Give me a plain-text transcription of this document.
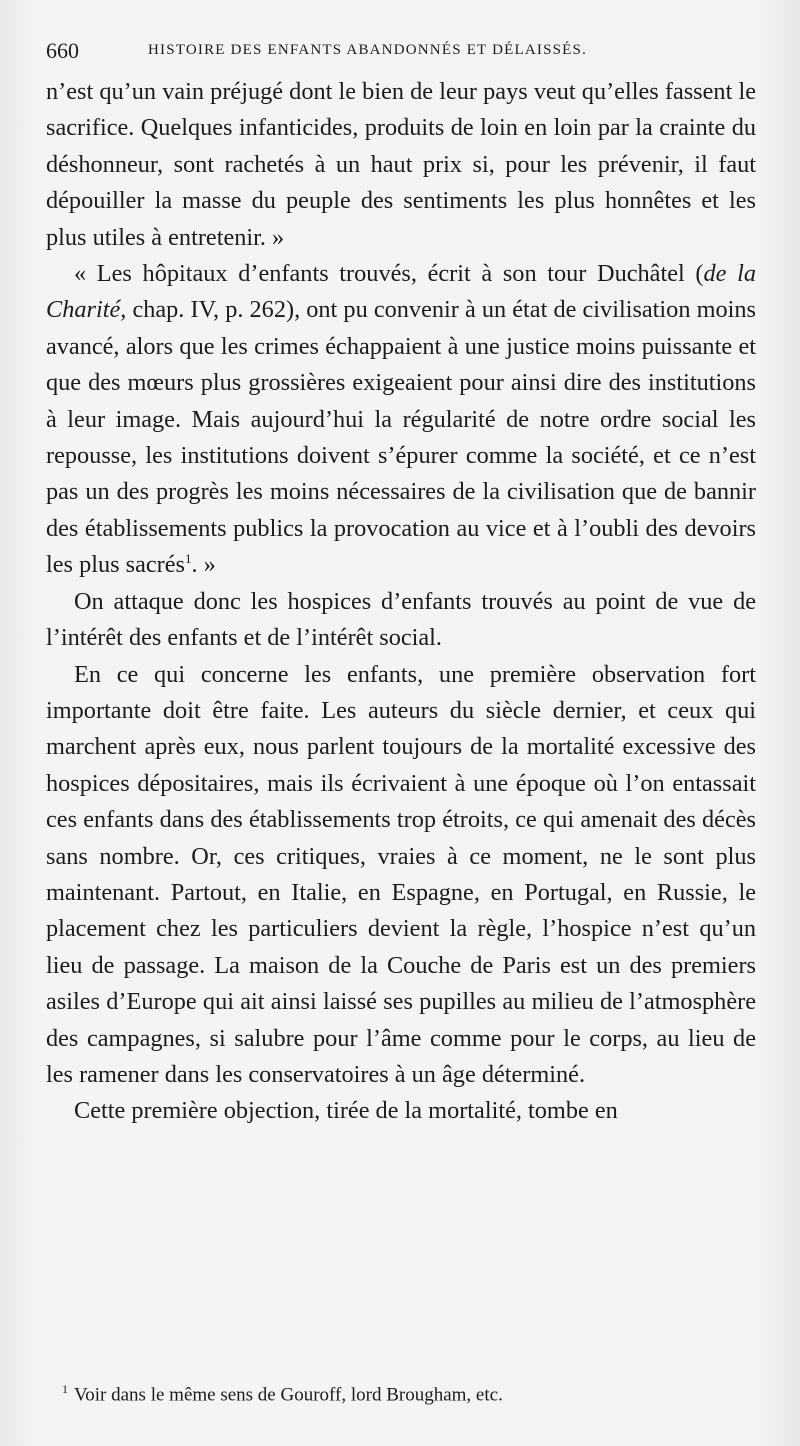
660	HISTOIRE DES ENFANTS ABANDONNÉS ET DÉLAISSÉS.

n’est qu’un vain préjugé dont le bien de leur pays veut qu’elles fassent le sacrifice. Quelques infanticides, produits de loin en loin par la crainte du déshonneur, sont rachetés à un haut prix si, pour les prévenir, il faut dépouiller la masse du peuple des sentiments les plus honnêtes et les plus utiles à entretenir. »

« Les hôpitaux d’enfants trouvés, écrit à son tour Duchâtel (de la Charité, chap. IV, p. 262), ont pu convenir à un état de civilisation moins avancé, alors que les crimes échappaient à une justice moins puissante et que des mœurs plus grossières exigeaient pour ainsi dire des institutions à leur image. Mais aujourd’hui la régularité de notre ordre social les repousse, les institutions doivent s’épurer comme la société, et ce n’est pas un des progrès les moins nécessaires de la civilisation que de bannir des établissements publics la provocation au vice et à l’oubli des devoirs les plus sacrés$^1$. »

On attaque donc les hospices d’enfants trouvés au point de vue de l’intérêt des enfants et de l’intérêt social.

En ce qui concerne les enfants, une première observation fort importante doit être faite. Les auteurs du siècle dernier, et ceux qui marchent après eux, nous parlent toujours de la mortalité excessive des hospices dépositaires, mais ils écrivaient à une époque où l’on entassait ces enfants dans des établissements trop étroits, ce qui amenait des décès sans nombre. Or, ces critiques, vraies à ce moment, ne le sont plus maintenant. Partout, en Italie, en Espagne, en Portugal, en Russie, le placement chez les particuliers devient la règle, l’hospice n’est qu’un lieu de passage. La maison de la Couche de Paris est un des premiers asiles d’Europe qui ait ainsi laissé ses pupilles au milieu de l’atmosphère des campagnes, si salubre pour l’âme comme pour le corps, au lieu de les ramener dans les conservatoires à un âge déterminé.

Cette première objection, tirée de la mortalité, tombe en

$^1$ Voir dans le même sens de Gouroff, lord Brougham, etc.
